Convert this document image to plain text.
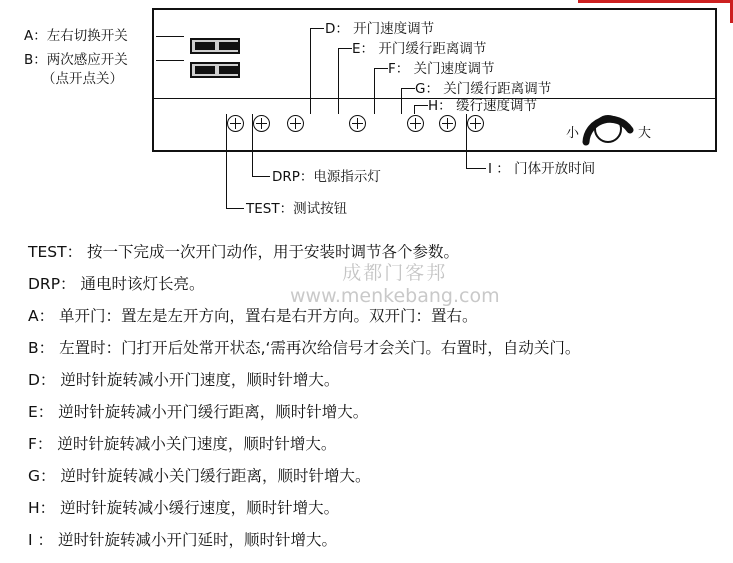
小	大
A：左右切换开关
B：两次感应开关
（点开点关）
D： 开门速度调节
E： 开门缓行距离调节
F： 关门速度调节
G： 关门缓行距离调节
H： 缓行速度调节
I ： 门体开放时间
DRP：电源指示灯
TEST：测试按钮
成都门客邦
www.menkebang.com
TEST： 按一下完成一次开门动作，用于安装时调节各个参数。
DRP： 通电时该灯长亮。
A： 单开门：置左是左开方向，置右是右开方向。双开门：置右。
B： 左置时：门打开后处常开状态,‘需再次给信号才会关门。右置时，自动关门。
D： 逆时针旋转减小开门速度，顺时针增大。
E： 逆时针旋转减小开门缓行距离，顺时针增大。
F： 逆时针旋转减小关门速度，顺时针增大。
G： 逆时针旋转减小关门缓行距离，顺时针增大。
H： 逆时针旋转减小缓行速度，顺时针增大。
I ： 逆时针旋转减小开门延时，顺时针增大。
